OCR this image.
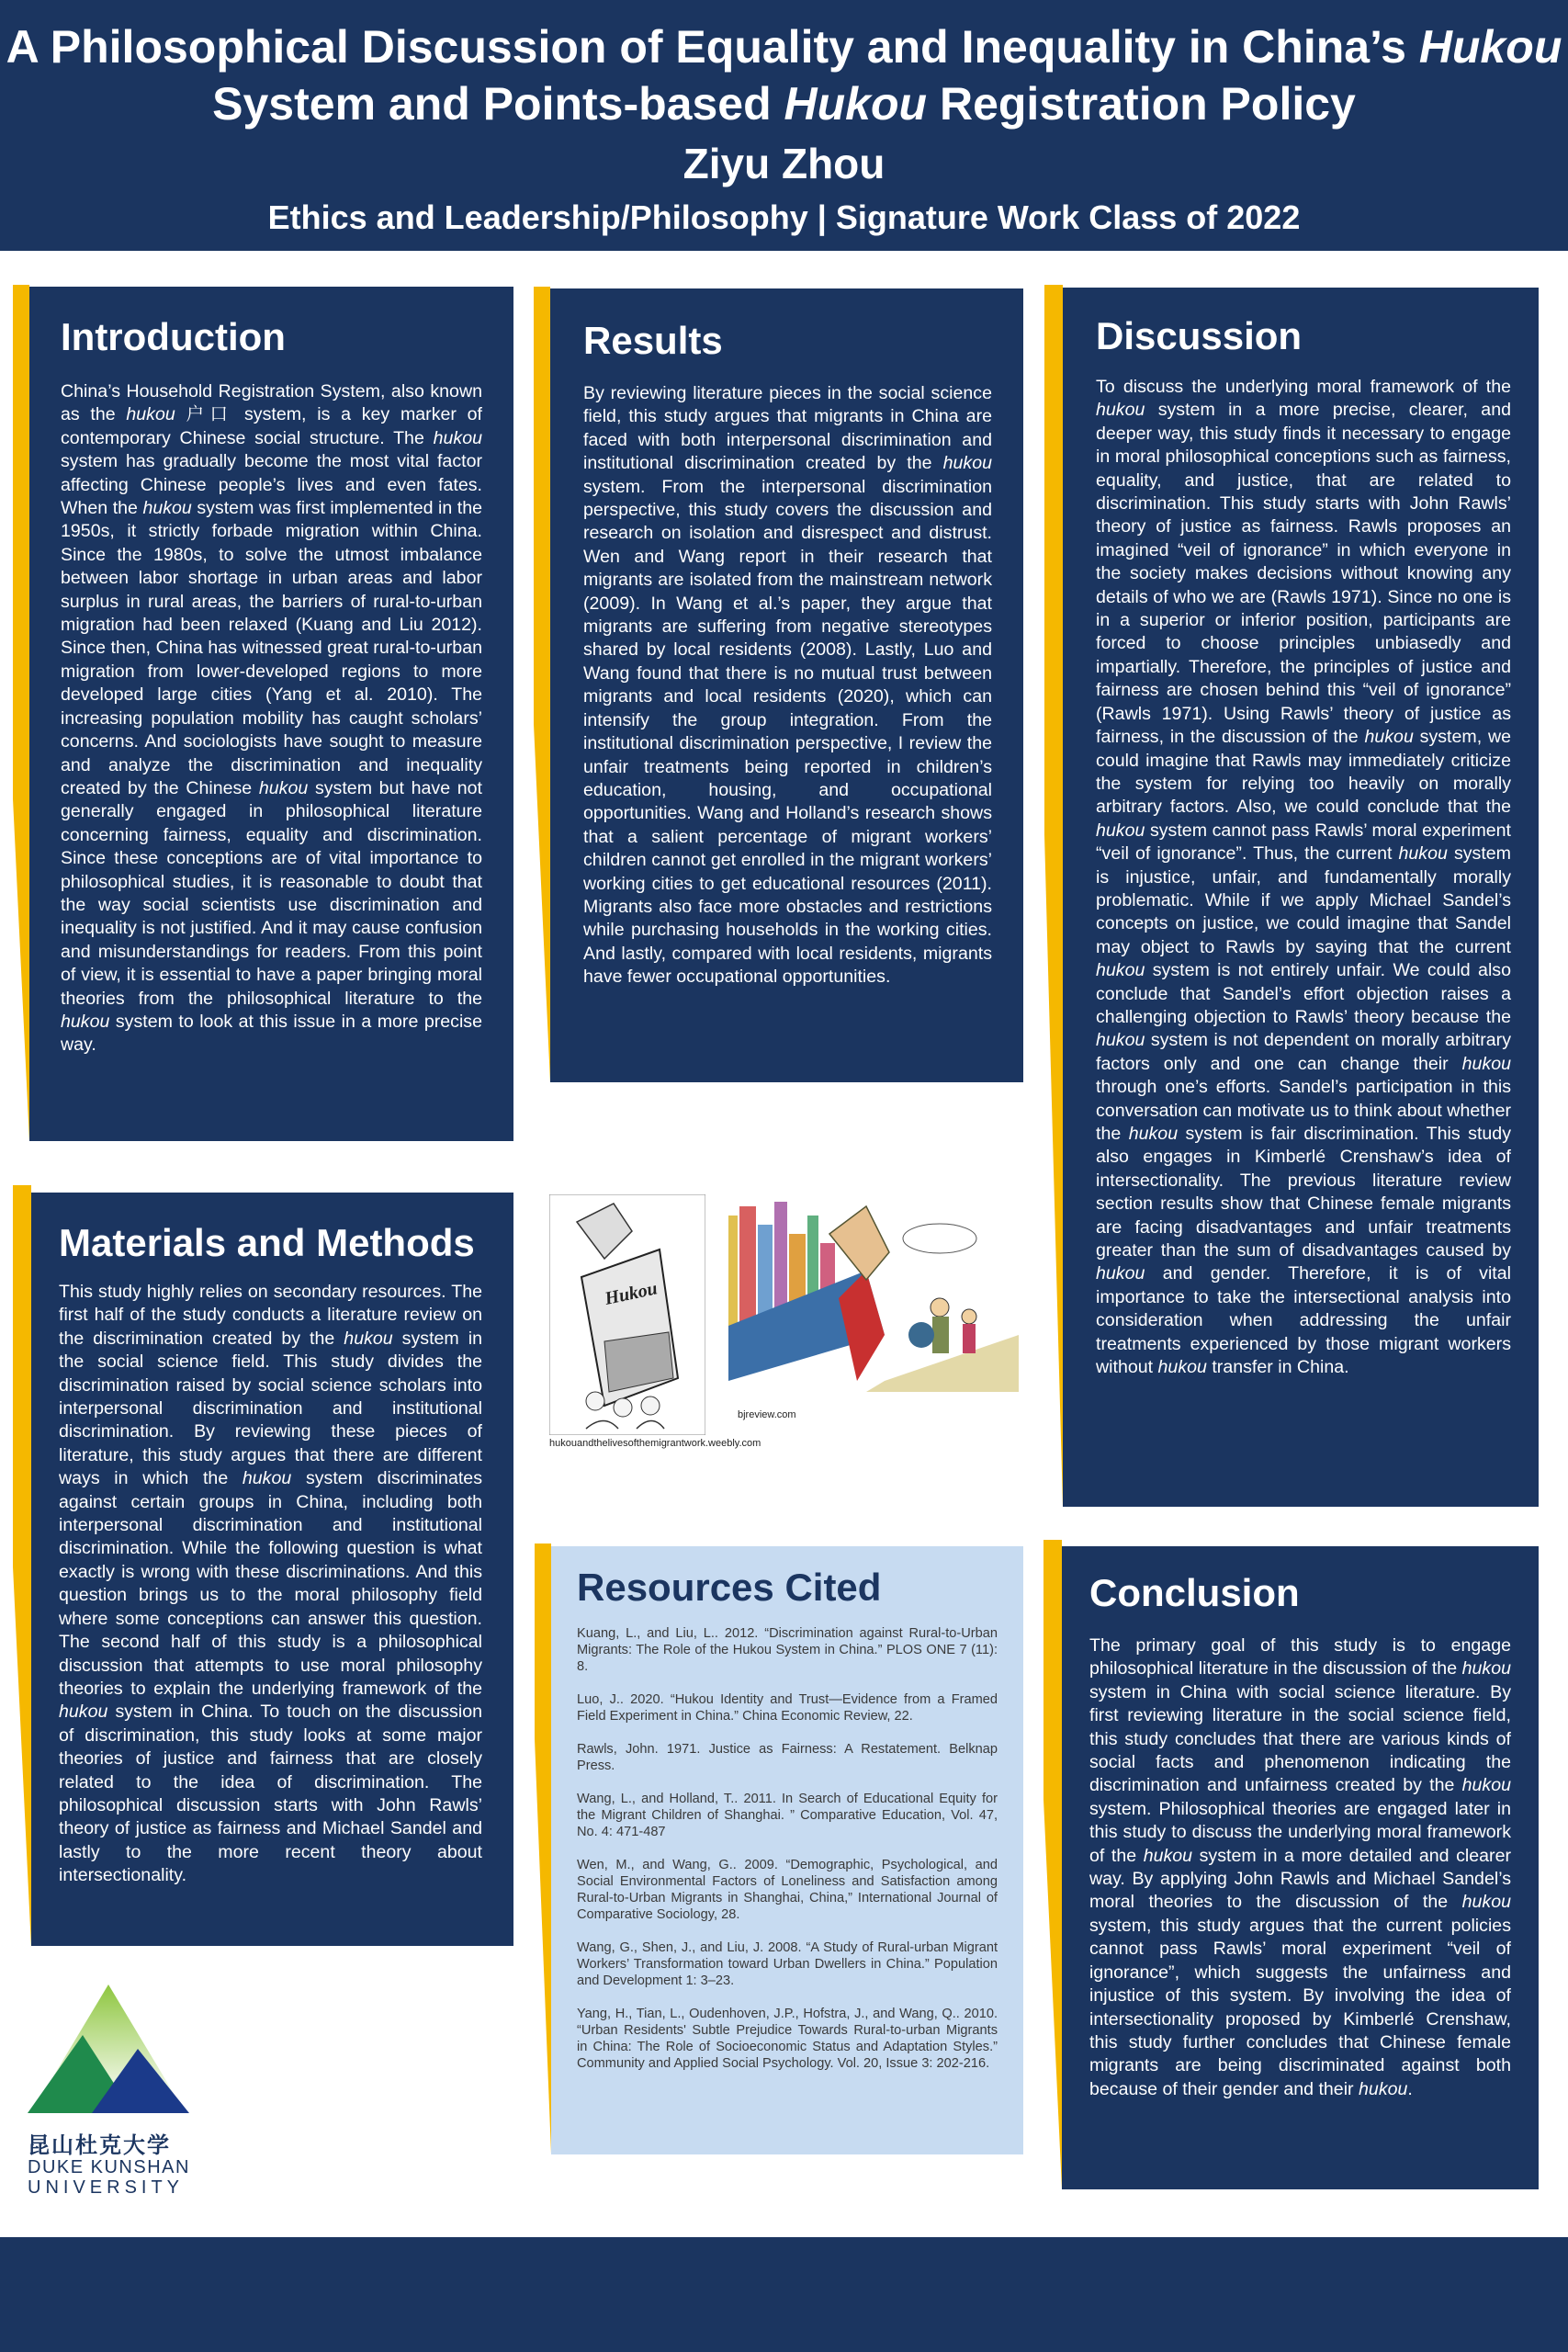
A Philosophical Discussion of Equality and Inequality in China’s Hukou
System and Points-based Hukou Registration Policy
Ziyu Zhou
Ethics and Leadership/Philosophy | Signature Work Class of 2022
Introduction

China’s Household Registration System, also known as the hukou 户口 system, is a key marker of contemporary Chinese social structure. The hukou system has gradually become the most vital factor affecting Chinese people’s lives and even fates. When the hukou system was first implemented in the 1950s, it strictly forbade migration within China. Since the 1980s, to solve the utmost imbalance between labor shortage in urban areas and labor surplus in rural areas, the barriers of rural-to-urban migration had been relaxed (Kuang and Liu 2012). Since then, China has witnessed great rural-to-urban migration from lower-developed regions to more developed large cities (Yang et al. 2010). The increasing population mobility has caught scholars’ concerns. And sociologists have sought to measure and analyze the discrimination and inequality created by the Chinese hukou system but have not generally engaged in philosophical literature concerning fairness, equality and discrimination. Since these conceptions are of vital importance to philosophical studies, it is reasonable to doubt that the way social scientists use discrimination and inequality is not justified. And it may cause confusion and misunderstandings for readers. From this point of view, it is essential to have a paper bringing moral theories from the philosophical literature to the hukou system to look at this issue in a more precise way.

Results

By reviewing literature pieces in the social science field, this study argues that migrants in China are faced with both interpersonal discrimination and institutional discrimination created by the hukou system. From the interpersonal discrimination perspective, this study covers the discussion and research on isolation and disrespect and distrust. Wen and Wang report in their research that migrants are isolated from the mainstream network (2009). In Wang et al.’s paper, they argue that migrants are suffering from negative stereotypes shared by local residents (2008). Lastly, Luo and Wang found that there is no mutual trust between migrants and local residents (2020), which can intensify the group integration. From the institutional discrimination perspective, I review the unfair treatments being reported in children’s education, housing, and occupational opportunities. Wang and Holland’s research shows that a salient percentage of migrant workers’ children cannot get enrolled in the migrant workers’ working cities to get educational resources (2011). Migrants also face more obstacles and restrictions while purchasing households in the working cities. And lastly, compared with local residents, migrants have fewer occupational opportunities.

Discussion

To discuss the underlying moral framework of the hukou system in a more precise, clearer, and deeper way, this study finds it necessary to engage in moral philosophical conceptions such as fairness, equality, and justice, that are related to discrimination. This study starts with John Rawls’ theory of justice as fairness. Rawls proposes an imagined “veil of ignorance” in which everyone in the society makes decisions without knowing any details of who we are (Rawls 1971). Since no one is in a superior or inferior position, participants are forced to choose principles unbiasedly and impartially. Therefore, the principles of justice and fairness are chosen behind this “veil of ignorance” (Rawls 1971). Using Rawls’ theory of justice as fairness, in the discussion of the hukou system, we could imagine that Rawls may immediately criticize the system for relying too heavily on morally arbitrary factors. Also, we could conclude that the hukou system cannot pass Rawls’ moral experiment “veil of ignorance”. Thus, the current hukou system is injustice, unfair, and fundamentally morally problematic. While if we apply Michael Sandel’s concepts on justice, we could imagine that Sandel may object to Rawls by saying that the current hukou system is not entirely unfair. We could also conclude that Sandel’s effort objection raises a challenging objection to Rawls’ theory because the hukou system is not dependent on morally arbitrary factors only and one can change their hukou through one’s efforts. Sandel’s participation in this conversation can motivate us to think about whether the hukou system is fair discrimination. This study also engages in Kimberlé Crenshaw’s idea of intersectionality. The previous literature review section results show that Chinese female migrants are facing disadvantages and unfair treatments greater than the sum of disadvantages caused by hukou and gender. Therefore, it is of vital importance to take the intersectional analysis into consideration when addressing the unfair treatments experienced by those migrant workers without hukou transfer in China.

Materials and Methods

This study highly relies on secondary resources. The first half of the study conducts a literature review on the discrimination created by the hukou system in the social science field. This study divides the discrimination raised by social science scholars into interpersonal discrimination and institutional discrimination. By reviewing these pieces of literature, this study argues that there are different ways in which the hukou system discriminates against certain groups in China, including both interpersonal discrimination and institutional discrimination. While the following question is what exactly is wrong with these discriminations. And this question brings us to the moral philosophy field where some conceptions can answer this question. The second half of this study is a philosophical discussion that attempts to use moral philosophy theories to explain the underlying framework of the hukou system in China. To touch on the discussion of discrimination, this study looks at some major theories of justice and fairness that are closely related to the idea of discrimination. The philosophical discussion starts with John Rawls’ theory of justice as fairness and Michael Sandel and lastly to the more recent theory about intersectionality.

Hukou
hukouandthelivesofthemigrantwork.weebly.com
bjreview.com
Resources Cited

Kuang, L., and Liu, L.. 2012. “Discrimination against Rural-to-Urban Migrants: The Role of the Hukou System in China.” PLOS ONE 7 (11): 8.

Luo, J.. 2020. “Hukou Identity and Trust—Evidence from a Framed Field Experiment in China.” China Economic Review, 22.

Rawls, John. 1971. Justice as Fairness: A Restatement. Belknap Press.

Wang, L., and Holland, T.. 2011. In Search of Educational Equity for the Migrant Children of Shanghai. ” Comparative Education, Vol. 47, No. 4: 471-487

Wen, M., and Wang, G.. 2009. “Demographic, Psychological, and Social Environmental Factors of Loneliness and Satisfaction among Rural-to-Urban Migrants in Shanghai, China,” International Journal of Comparative Sociology, 28.

Wang, G., Shen, J., and Liu, J. 2008. “A Study of Rural-urban Migrant Workers’ Transformation toward Urban Dwellers in China.” Population and Development 1: 3–23.

Yang, H., Tian, L., Oudenhoven, J.P., Hofstra, J., and Wang, Q.. 2010. “Urban Residents' Subtle Prejudice Towards Rural-to-urban Migrants in China: The Role of Socioeconomic Status and Adaptation Styles.” Community and Applied Social Psychology. Vol. 20, Issue 3: 202-216.

Conclusion

The primary goal of this study is to engage philosophical literature in the discussion of the hukou system in China with social science literature. By first reviewing literature in the social science field, this study concludes that there are various kinds of social facts and phenomenon indicating the discrimination and unfairness created by the hukou system. Philosophical theories are engaged later in this study to discuss the underlying moral framework of the hukou system in a more detailed and clearer way. By applying John Rawls and Michael Sandel’s moral theories to the discussion of the hukou system, this study argues that the current policies cannot pass Rawls’ moral experiment “veil of ignorance”, which suggests the unfairness and injustice of this system. By involving the idea of intersectionality proposed by Kimberlé Crenshaw, this study further concludes that Chinese female migrants are being discriminated against both because of their gender and their hukou.

昆山杜克大学
DUKE KUNSHAN
UNIVERSITY
